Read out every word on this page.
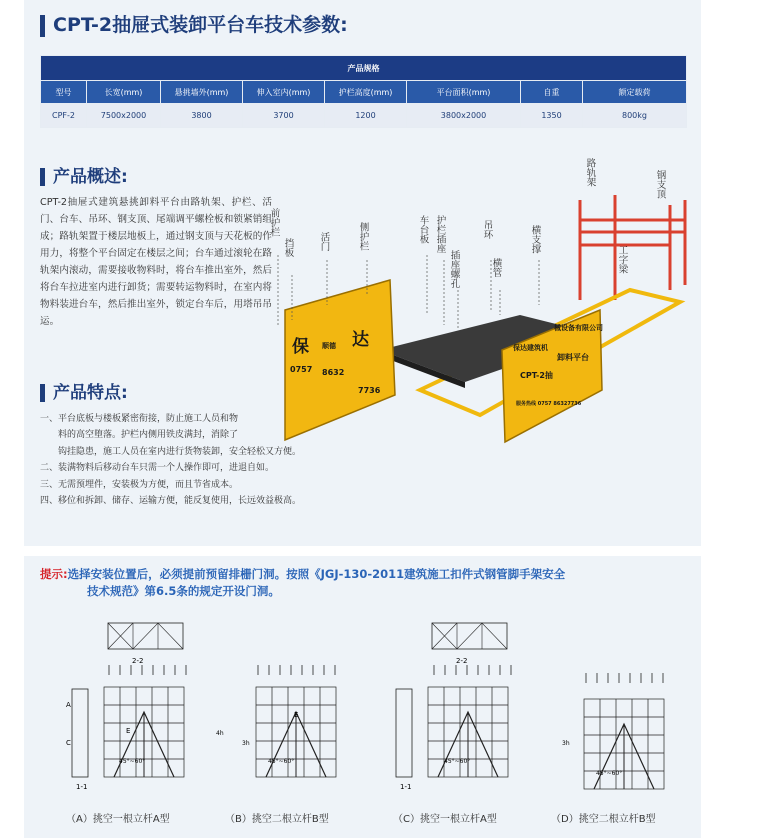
CPT-2抽屉式装卸平台车技术参数:
产品规格							
型号	长宽(mm)	悬挑墙外(mm)	伸入室内(mm)	护栏高度(mm)	平台面积(mm)	自重	额定载荷
CPF-2	7500x2000	3800	3700	1200	3800x2000	1350	800kg
产品概述:

CPT-2抽屉式建筑悬挑卸料平台由路轨架、护栏、活门、台车、吊环、钢支顶、尾端调平螺栓板和锁紧销组成；路轨架置于楼层地板上，通过钢支顶与天花板的作用力，将整个平台固定在楼层之间；台车通过滚轮在路轨架内滚动，需要接收物料时，将台车推出室外，然后将台车拉进室内进行卸货；需要转运物料时，在室内将物料装进台车，然后推出室外，锁定台车后，用塔吊吊运。

产品特点:
一、平台底板与楼板紧密衔接，防止施工人员和物
料的高空堕落。护栏内侧用铁皮满封，消除了
钩挂隐患，施工人员在室内进行货物装卸，安全轻松又方便。
二、装满物料后移动台车只需一个人操作即可，进退自如。
三、无需预埋件，安装极为方便，而且节省成本。
四、移位和拆卸、储存、运输方便，能反复使用，长远效益极高。
保	达
0757
顺德
8632
7736
保达建筑机
械设备有限公司
CPT-2抽
卸料平台
服务热线 0757 86327736
前护栏
挡板	活门	侧护栏	车台板 护栏插座
插座螺孔
吊环
横管
横支撑
路轨架	钢支顶
工字梁

提示:选择安装位置后，必须提前预留排栅门洞。按照《JGJ-130-2011建筑施工扣件式钢管脚手架安全
技术规范》第6.5条的规定开设门洞。

2-2
A
C
E
45°~60°
4h
1-1
E
45°~60°
3h
2-2
45°~60°
1-1
45°~60°
3h
（A）挑空一根立杆A型	（B）挑空二根立杆B型	（C）挑空一根立杆A型	（D）挑空二根立杆B型
